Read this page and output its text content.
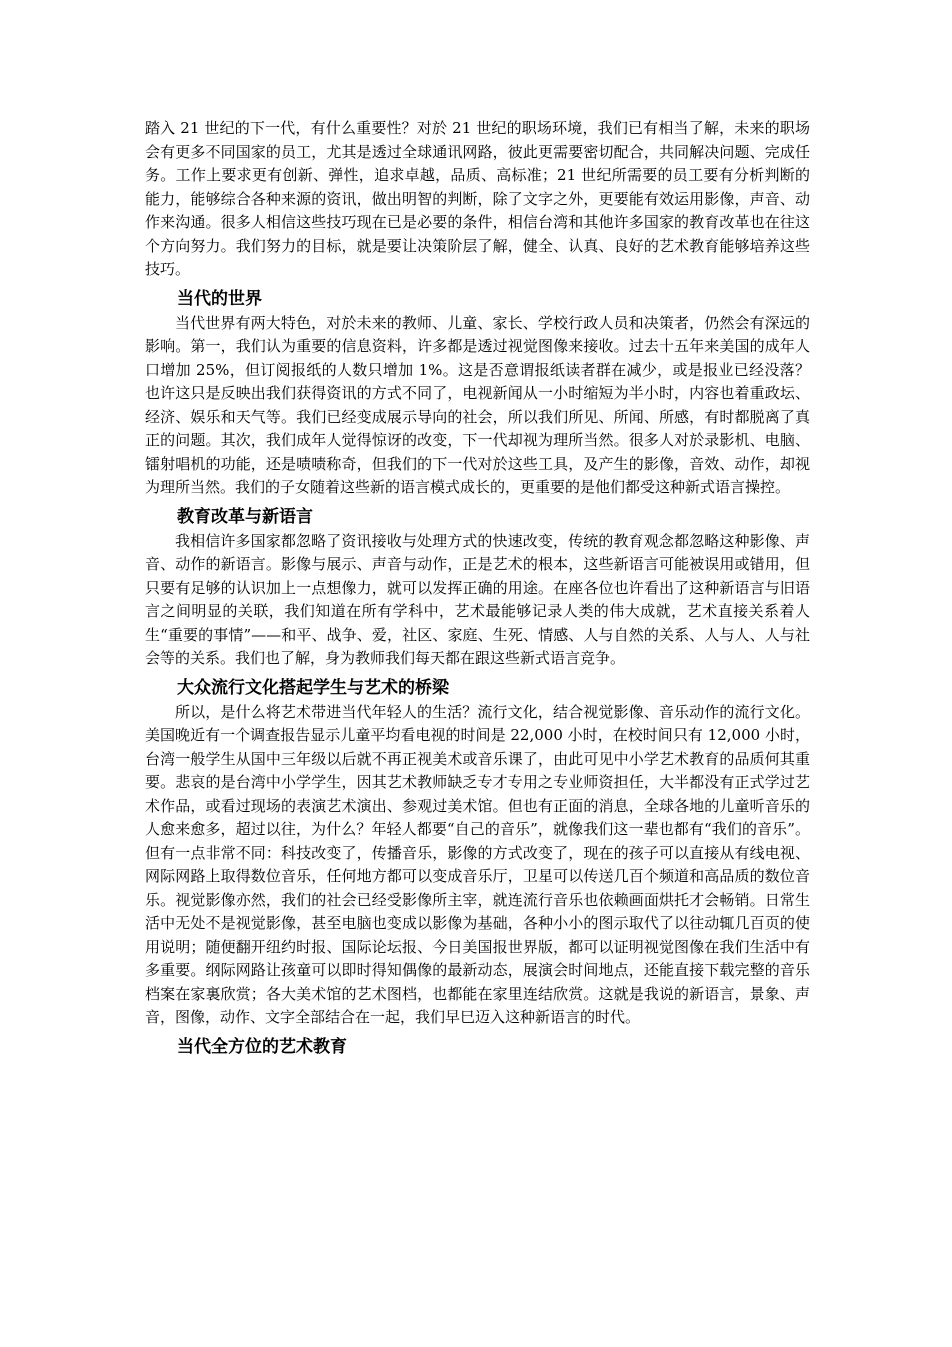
踏入 21 世纪的下一代，有什么重要性？对於 21 世纪的职场环境，我们已有相当了解，未来的职场会有更多不同国家的员工，尤其是透过全球通讯网路，彼此更需要密切配合，共同解决问题、完成任务。工作上要求更有创新、弹性，追求卓越，品质、高标准；21 世纪所需要的员工要有分析判断的能力，能够综合各种来源的资讯，做出明智的判断，除了文字之外，更要能有效运用影像，声音、动作来沟通。很多人相信这些技巧现在已是必要的条件，相信台湾和其他许多国家的教育改革也在往这个方向努力。我们努力的目标，就是要让决策阶层了解，健全、认真、良好的艺术教育能够培养这些技巧。

当代的世界

当代世界有两大特色，对於未来的教师、儿童、家长、学校行政人员和决策者，仍然会有深远的影响。第一，我们认为重要的信息资料，许多都是透过视觉图像来接收。过去十五年来美国的成年人口增加 25%，但订阅报纸的人数只增加 1%。这是否意谓报纸读者群在减少，或是报业已经没落？也许这只是反映出我们获得资讯的方式不同了，电视新闻从一小时缩短为半小时，内容也着重政坛、经济、娱乐和天气等。我们已经变成展示导向的社会，所以我们所见、所闻、所感，有时都脱离了真正的问题。其次，我们成年人觉得惊讶的改变，下一代却视为理所当然。很多人对於录影机、电脑、镭射唱机的功能，还是啧啧称奇，但我们的下一代对於这些工具，及产生的影像，音效、动作，却视为理所当然。我们的子女随着这些新的语言模式成长的，更重要的是他们都受这种新式语言操控。

教育改革与新语言

我相信许多国家都忽略了资讯接收与处理方式的快速改变，传统的教育观念都忽略这种影像、声音、动作的新语言。影像与展示、声音与动作，正是艺术的根本，这些新语言可能被误用或错用，但只要有足够的认识加上一点想像力，就可以发挥正确的用途。在座各位也许看出了这种新语言与旧语言之间明显的关联，我们知道在所有学科中，艺术最能够记录人类的伟大成就，艺术直接关系着人生“重要的事情”——和平、战争、爱，社区、家庭、生死、情感、人与自然的关系、人与人、人与社会等的关系。我们也了解，身为教师我们每天都在跟这些新式语言竞争。

大众流行文化搭起学生与艺术的桥梁

所以，是什么将艺术带进当代年轻人的生活？流行文化，结合视觉影像、音乐动作的流行文化。美国晚近有一个调查报告显示儿童平均看电视的时间是 22,000 小时，在校时间只有 12,000 小时，台湾一般学生从国中三年级以后就不再正视美术或音乐课了，由此可见中小学艺术教育的品质何其重要。悲哀的是台湾中小学学生，因其艺术教师缺乏专才专用之专业师资担任，大半都没有正式学过艺术作品，或看过现场的表演艺术演出、参观过美术馆。但也有正面的消息，全球各地的儿童听音乐的人愈来愈多，超过以往，为什么？年轻人都要“自己的音乐”，就像我们这一辈也都有“我们的音乐”。但有一点非常不同：科技改变了，传播音乐，影像的方式改变了，现在的孩子可以直接从有线电视、网际网路上取得数位音乐，任何地方都可以变成音乐厅，卫星可以传送几百个频道和高品质的数位音乐。视觉影像亦然，我们的社会已经受影像所主宰，就连流行音乐也依赖画面烘托才会畅销。日常生活中无处不是视觉影像，甚至电脑也变成以影像为基础，各种小小的图示取代了以往动辄几百页的使用说明；随便翻开纽约时报、国际论坛报、今日美国报世界版，都可以证明视觉图像在我们生活中有多重要。纲际网路让孩童可以即时得知偶像的最新动态，展演会时间地点，还能直接下载完整的音乐档案在家裏欣赏；各大美术馆的艺术图档，也都能在家里连结欣赏。这就是我说的新语言，景象、声音，图像，动作、文字全部结合在一起，我们早巳迈入这种新语言的时代。

当代全方位的艺术教育
